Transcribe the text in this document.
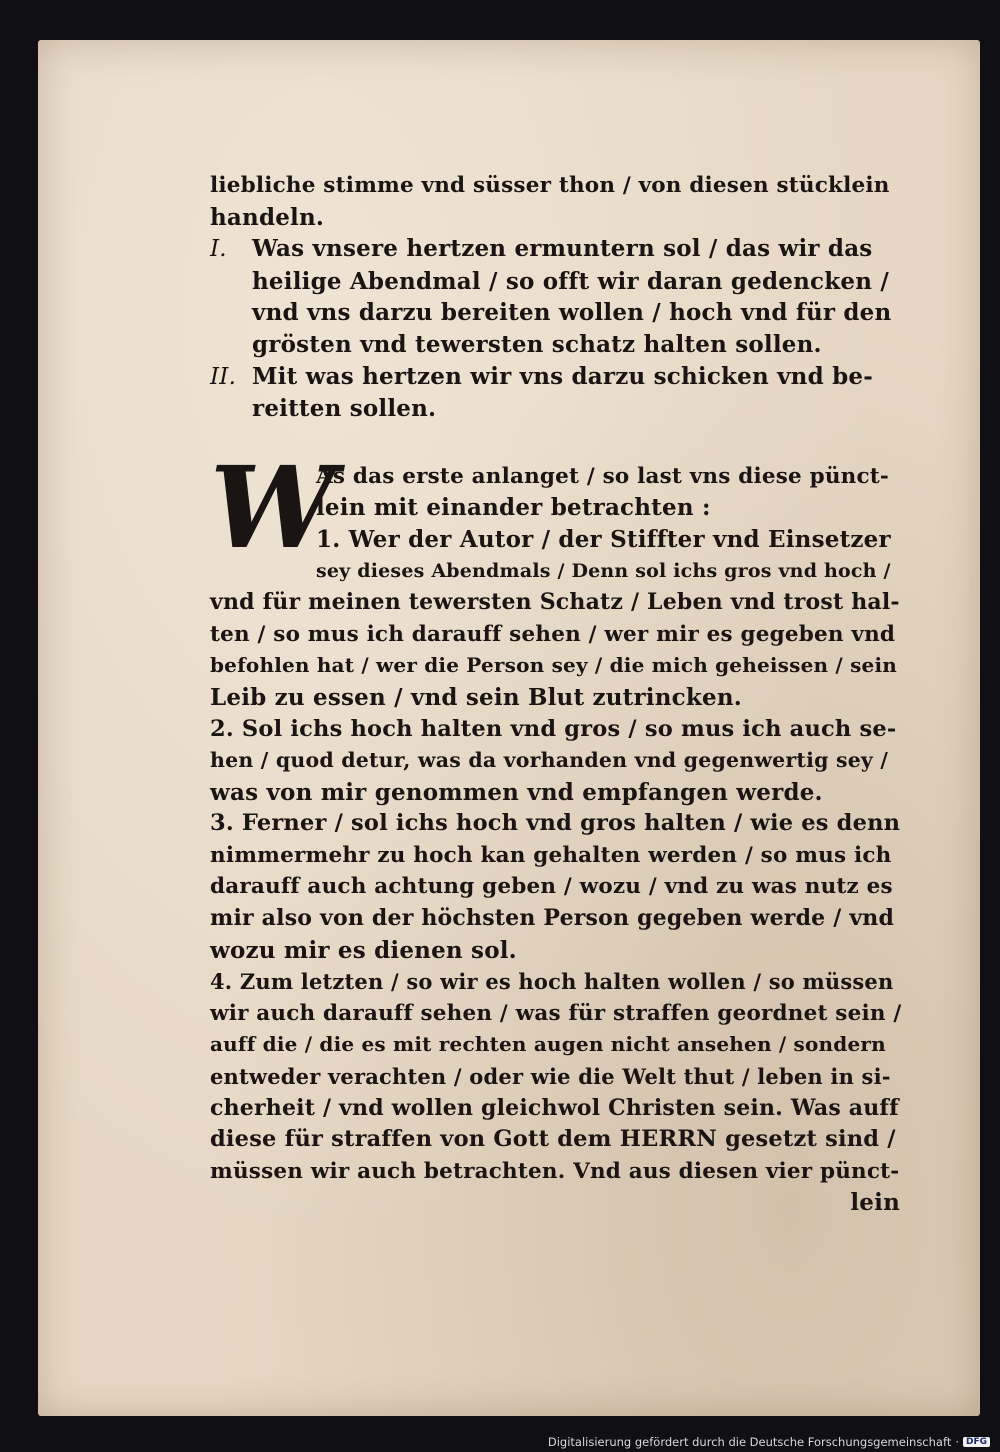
liebliche stimme vnd süsser thon / von diesen stücklein
handeln.
I. Was vnsere hertzen ermuntern sol / das wir das
heilige Abendmal / so offt wir daran gedencken /
vnd vns darzu bereiten wollen / hoch vnd für den
grösten vnd tewersten schatz halten sollen.
II. Mit was hertzen wir vns darzu schicken vnd be-
reitten sollen.
W
As das erste anlanget / so last vns diese pünct-
lein mit einander betrachten :
1. Wer der Autor / der Stiffter vnd Einsetzer
sey dieses Abendmals / Denn sol ichs gros vnd hoch /
vnd für meinen tewersten Schatz / Leben vnd trost hal-
ten / so mus ich darauff sehen / wer mir es gegeben vnd
befohlen hat / wer die Person sey / die mich geheissen / sein
Leib zu essen / vnd sein Blut zutrincken.
2. Sol ichs hoch halten vnd gros / so mus ich auch se-
hen / quod detur, was da vorhanden vnd gegenwertig sey /
was von mir genommen vnd empfangen werde.
3. Ferner / sol ichs hoch vnd gros halten / wie es denn
nimmermehr zu hoch kan gehalten werden / so mus ich
darauff auch achtung geben / wozu / vnd zu was nutz es
mir also von der höchsten Person gegeben werde / vnd
wozu mir es dienen sol.
4. Zum letzten / so wir es hoch halten wollen / so müssen
wir auch darauff sehen / was für straffen geordnet sein /
auff die / die es mit rechten augen nicht ansehen / sondern
entweder verachten / oder wie die Welt thut / leben in si-
cherheit / vnd wollen gleichwol Christen sein. Was auff
diese für straffen von Gott dem HERRN gesetzt sind /
müssen wir auch betrachten. Vnd aus diesen vier pünct-
lein
Digitalisierung gefördert durch die Deutsche Forschungsgemeinschaft · DFG
